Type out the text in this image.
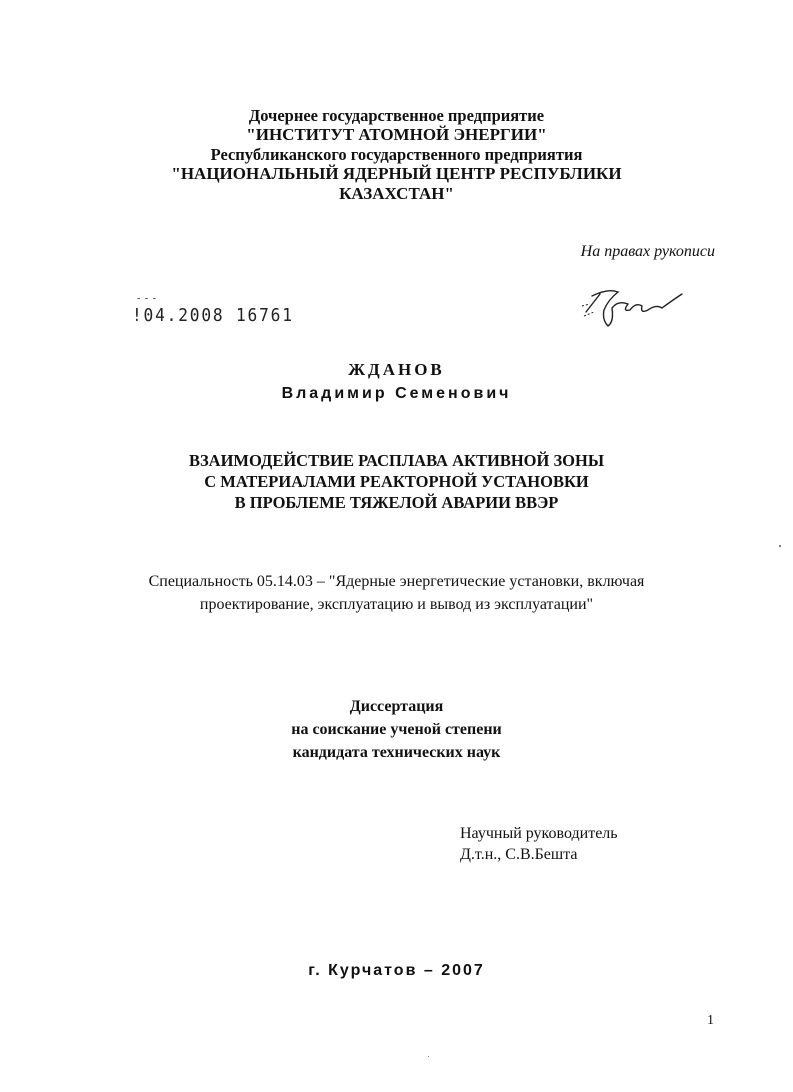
Дочернее государственное предприятие
"ИНСТИТУТ АТОМНОЙ ЭНЕРГИИ"
Республиканского государственного предприятия
"НАЦИОНАЛЬНЫЙ ЯДЕРНЫЙ ЦЕНТР РЕСПУБЛИКИ
КАЗАХСТАН"
На правах рукописи
- - -
!04.2008 16761
ЖДАНОВ
Владимир Семенович
ВЗАИМОДЕЙСТВИЕ РАСПЛАВА АКТИВНОЙ ЗОНЫ
С МАТЕРИАЛАМИ РЕАКТОРНОЙ УСТАНОВКИ
В ПРОБЛЕМЕ ТЯЖЕЛОЙ АВАРИИ ВВЭР
Специальность 05.14.03 – "Ядерные энергетические установки, включая
проектирование, эксплуатацию и вывод из эксплуатации"
Диссертация
на соискание ученой степени
кандидата технических наук
Научный руководитель
Д.т.н., С.В.Бешта
г. Курчатов – 2007
1
